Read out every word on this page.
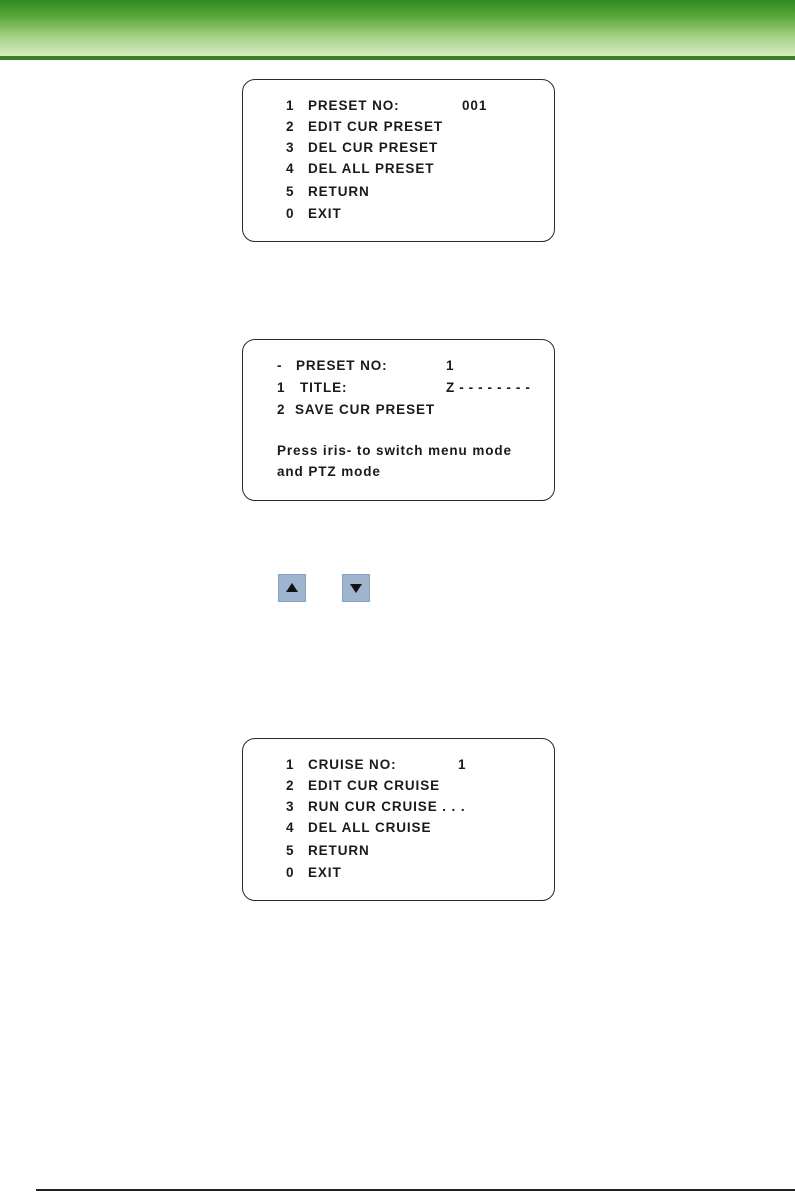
1 PRESET NO:	001
2 EDIT CUR PRESET
3 DEL CUR PRESET
4 DEL ALL PRESET
5 RETURN
0 EXIT
- PRESET NO:	1
1 TITLE:	Z - - - - - - - -
2 SAVE CUR PRESET
Press iris- to switch menu mode
and PTZ mode
1 CRUISE NO:	1
2 EDIT CUR CRUISE
3 RUN CUR CRUISE . . .
4 DEL ALL CRUISE
5 RETURN
0 EXIT
